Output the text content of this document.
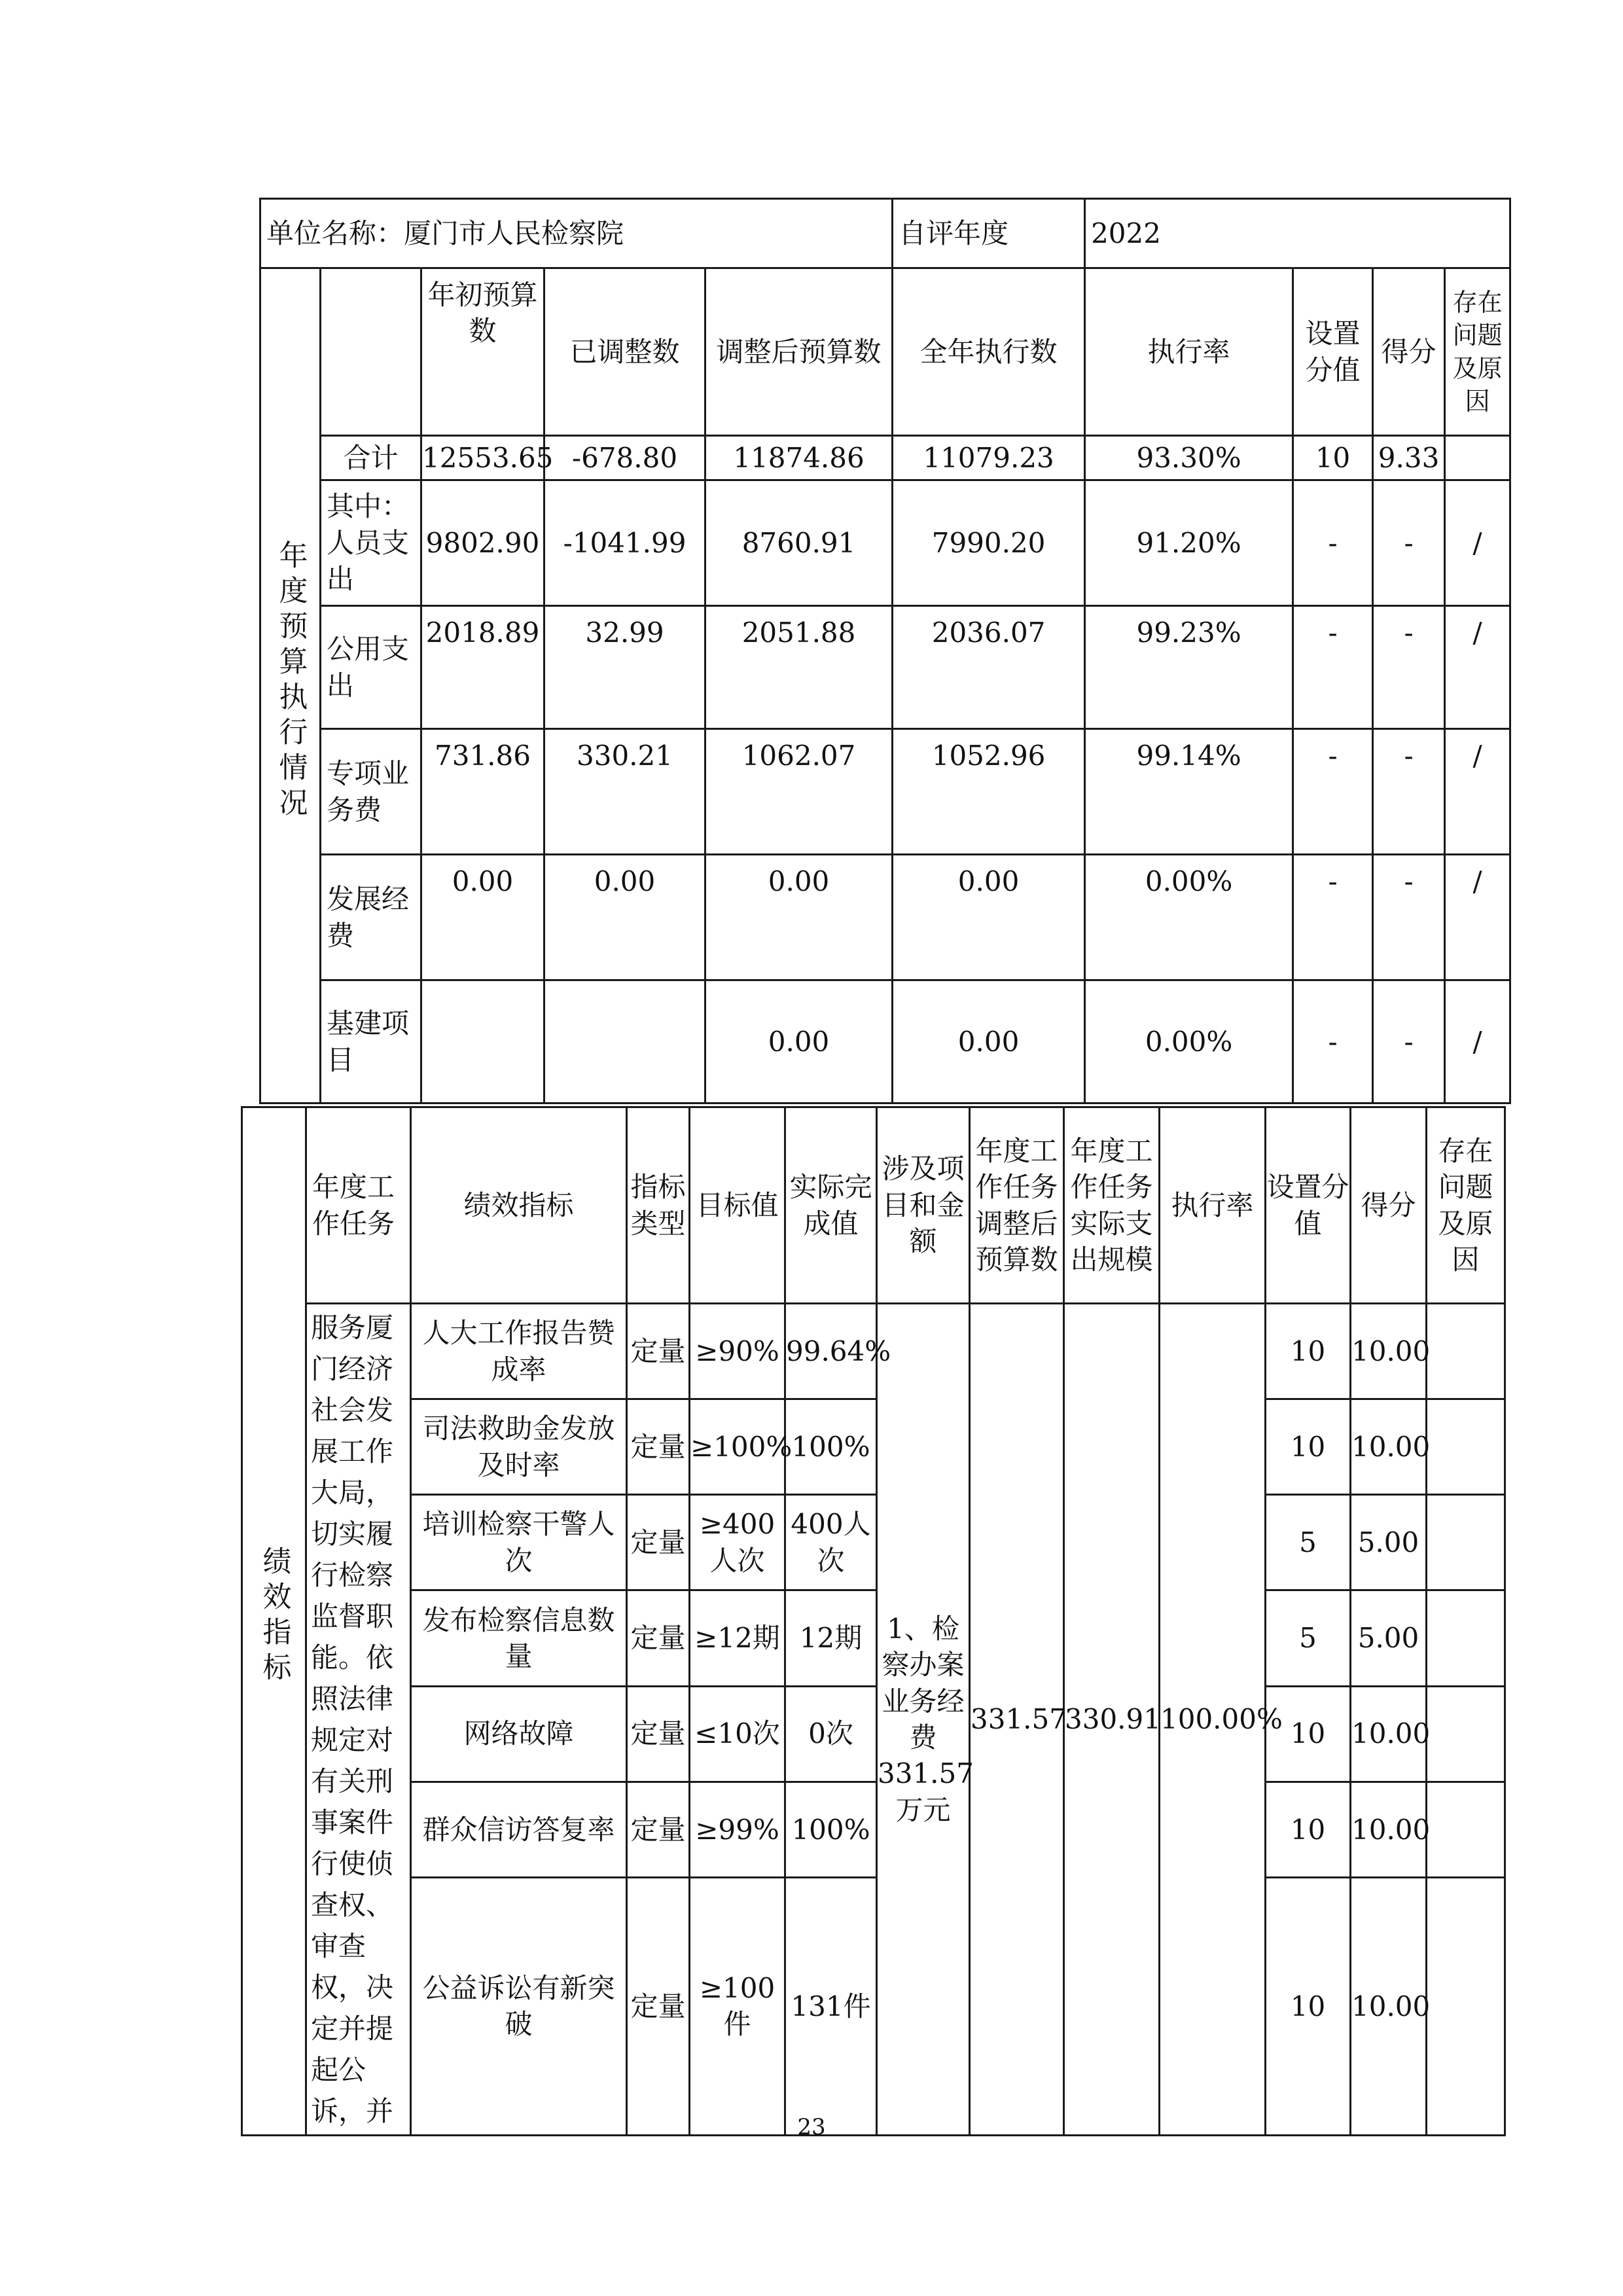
单位名称：厦门市人民检察院					自评年度	2022			
年度预算执行情况		年初预算数	已调整数	调整后预算数	全年执行数	执行率	设置分值	得分	存在问题及原因
	合计	12553.65	-678.80	11874.86	11079.23	93.30%	10	9.33	
	其中：人员支出	9802.90	-1041.99	8760.91	7990.20	91.20%	-	-	/
	公用支出	2018.89	32.99	2051.88	2036.07	99.23%	-	-	/
	专项业务费	731.86	330.21	1062.07	1052.96	99.14%	-	-	/
	发展经费	0.00	0.00	0.00	0.00	0.00%	-	-	/
	基建项目			0.00	0.00	0.00%	-	-	/
绩效指标	年度工作任务	绩效指标	指标类型	目标值	实际完成值	涉及项目和金额	年度工作任务调整后预算数	年度工作任务实际支出规模	执行率	设置分值	得分	存在问题及原因
	服务厦门经济社会发展工作大局，切实履行检察监督职能。依照法律规定对有关刑事案件行使侦查权、审查权，决定并提起公诉，并	人大工作报告赞成率	定量	≥90%	99.64%	1、检察办案业务经费331.57万元	331.57	330.91	100.00%	10	10.00	
		司法救助金发放及时率	定量	≥100%	100%					10	10.00	
		培训检察干警人次	定量	≥400人次	400人次					5	5.00	
		发布检察信息数量	定量	≥12期	12期					5	5.00	
		网络故障	定量	≤10次	0次					10	10.00	
		群众信访答复率	定量	≥99%	100%					10	10.00	
		公益诉讼有新突破	定量	≥100件	131件					10	10.00	
23
